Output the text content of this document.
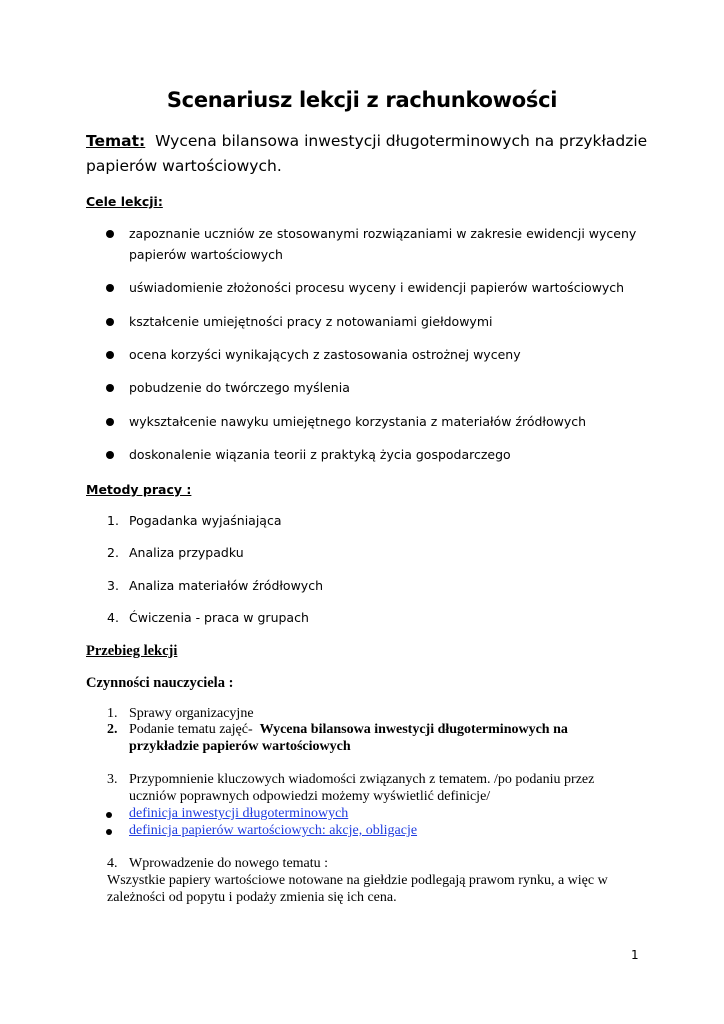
Scenariusz lekcji z rachunkowości
Temat: Wycena bilansowa inwestycji długoterminowych na przykładzie
papierów wartościowych.
Cele lekcji:
zapoznanie uczniów ze stosowanymi rozwiązaniami w zakresie ewidencji wyceny
papierów wartościowych
uświadomienie złożoności procesu wyceny i ewidencji papierów wartościowych
kształcenie umiejętności pracy z notowaniami giełdowymi
ocena korzyści wynikających z zastosowania ostrożnej wyceny
pobudzenie do twórczego myślenia
wykształcenie nawyku umiejętnego korzystania z materiałów źródłowych
doskonalenie wiązania teorii z praktyką życia gospodarczego
Metody pracy :
1. Pogadanka wyjaśniająca
2. Analiza przypadku
3. Analiza materiałów źródłowych
4. Ćwiczenia - praca w grupach
Przebieg lekcji
Czynności nauczyciela :
1. Sprawy organizacyjne
2. Podanie tematu zajęć- Wycena bilansowa inwestycji długoterminowych na
przykładzie papierów wartościowych
3. Przypomnienie kluczowych wiadomości związanych z tematem. /po podaniu przez
uczniów poprawnych odpowiedzi możemy wyświetlić definicje/
definicja inwestycji długoterminowych
definicja papierów wartościowych: akcje, obligacje
4. Wprowadzenie do nowego tematu :
Wszystkie papiery wartościowe notowane na giełdzie podlegają prawom rynku, a więc w
zależności od popytu i podaży zmienia się ich cena.
1
